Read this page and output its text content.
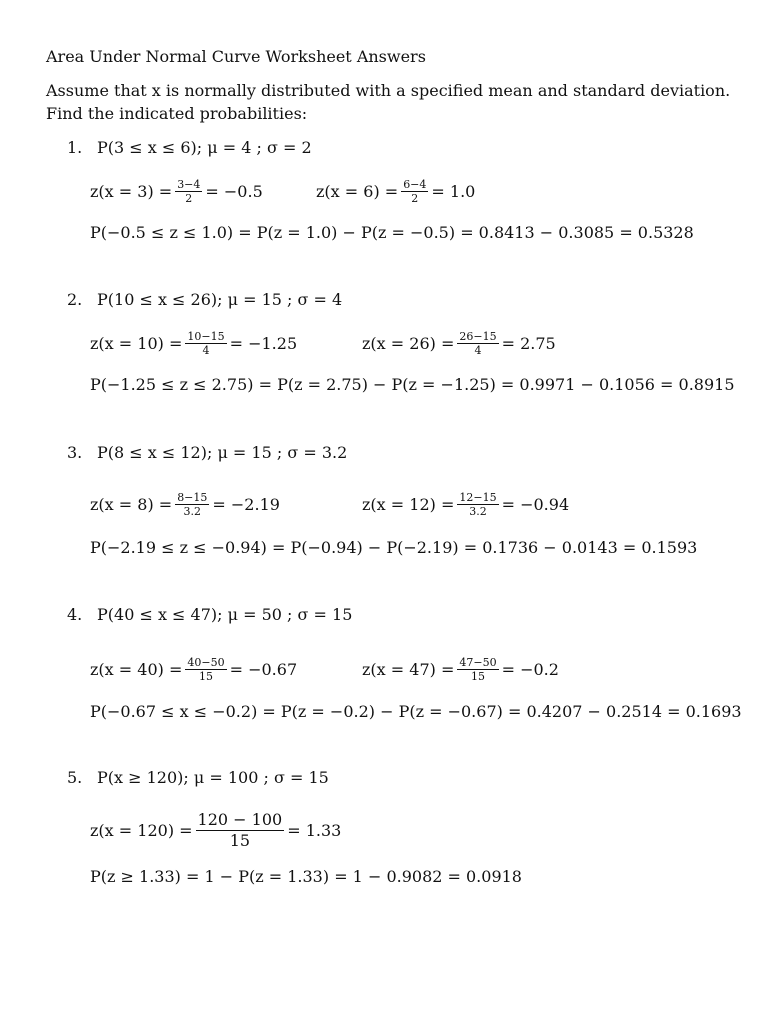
Area Under Normal Curve Worksheet Answers
Assume that x is normally distributed with a specified mean and standard deviation. Find the indicated probabilities:
1. P(3 ≤ x ≤ 6); μ = 4 ; σ = 2
$z(x = 3) = \frac{3-4}{2} = -0.5$	$z(x = 6) = \frac{6-4}{2} = 1.0$
P(−0.5 ≤ z ≤ 1.0) = P(z = 1.0) − P(z = −0.5) = 0.8413 − 0.3085 = 0.5328
2. P(10 ≤ x ≤ 26); μ = 15 ; σ = 4
$z(x = 10) = \frac{10-15}{4} = -1.25$	$z(x = 26) = \frac{26-15}{4} = 2.75$
P(−1.25 ≤ z ≤ 2.75) = P(z = 2.75) − P(z = −1.25) = 0.9971 − 0.1056 = 0.8915
3. P(8 ≤ x ≤ 12); μ = 15 ; σ = 3.2
$z(x = 8) = \frac{8-15}{3.2} = -2.19$	$z(x = 12) = \frac{12-15}{3.2} = -0.94$
P(−2.19 ≤ z ≤ −0.94) = P(−0.94) − P(−2.19) = 0.1736 − 0.0143 = 0.1593
4. P(40 ≤ x ≤ 47); μ = 50 ; σ = 15
$z(x = 40) = \frac{40-50}{15} = -0.67$	$z(x = 47) = \frac{47-50}{15} = -0.2$
P(−0.67 ≤ x ≤ −0.2) = P(z = −0.2) − P(z = −0.67) = 0.4207 − 0.2514 = 0.1693
5. P(x ≥ 120); μ = 100 ; σ = 15
$z(x = 120) = \frac{120 - 100}{15} = 1.33$
P(z ≥ 1.33) = 1 − P(z = 1.33) = 1 − 0.9082 = 0.0918
